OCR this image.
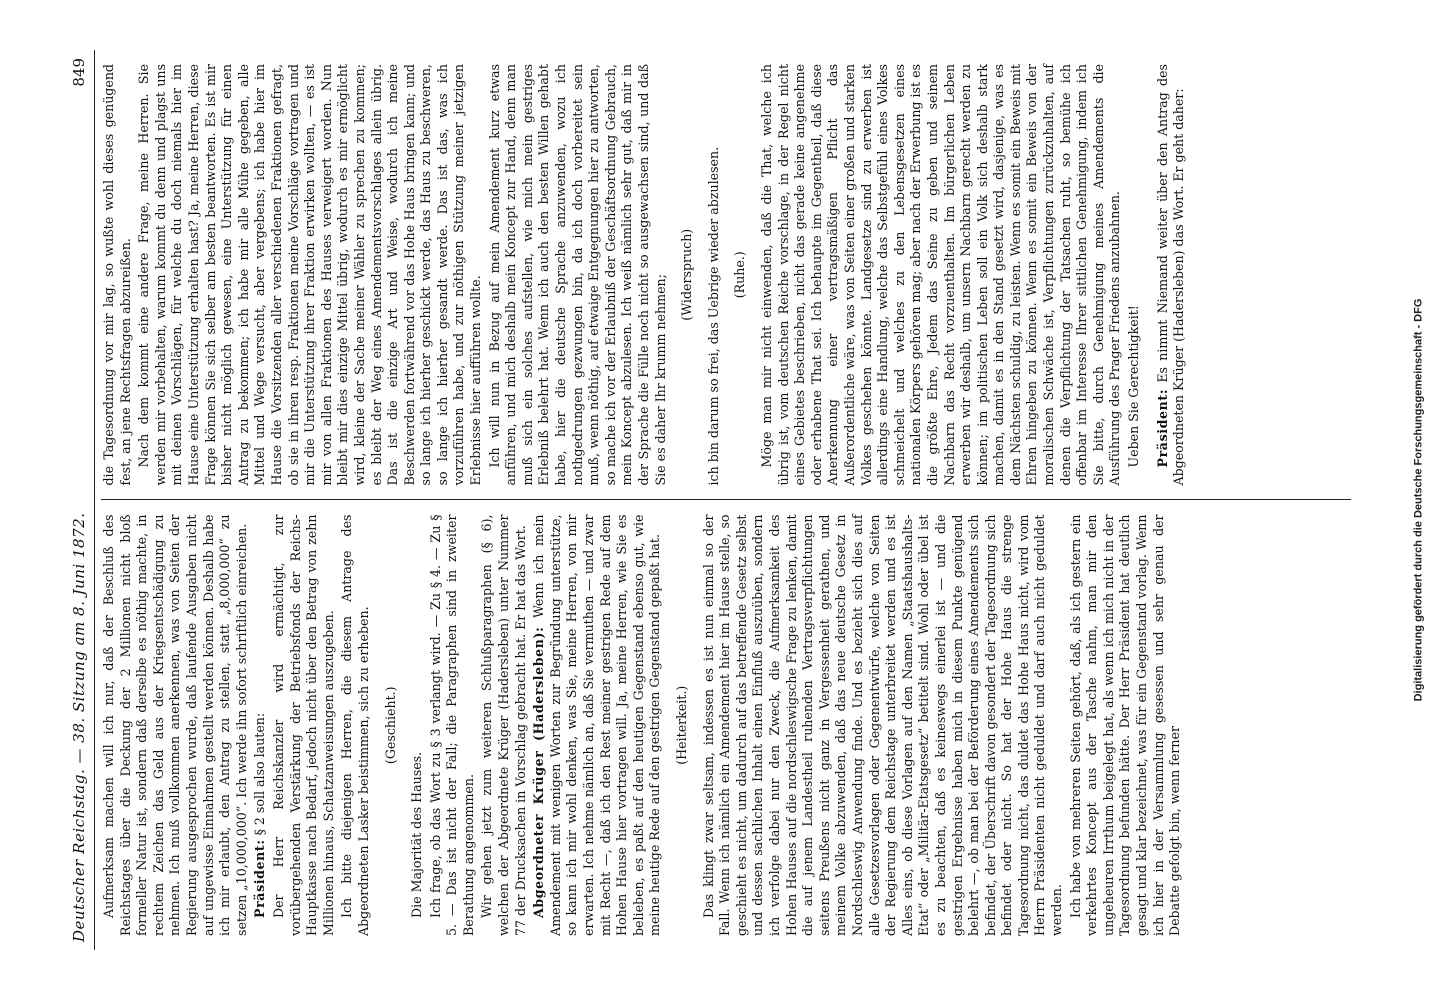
Deutscher Reichstag. — 38. Sitzung am 8. Juni 1872.
849

Aufmerksam machen will ich nur, daß der Beschluß des Reichstages über die Deckung der 2 Millionen nicht bloß formeller Natur ist, sondern daß derselbe es nöthig machte, in rechtem Zeichen das Geld aus der Kriegsentschädigung zu nehmen. Ich muß vollkommen anerkennen, was von Seiten der Regierung ausgesprochen wurde, daß laufende Ausgaben nicht auf ungewisse Einnahmen gestellt werden können. Deshalb habe ich mir erlaubt, den Antrag zu stellen, statt „8,000,000“ zu setzen „10,000,000“. Ich werde ihn sofort schriftlich einreichen. Präsident: § 2 soll also lauten: Der Herr Reichskanzler wird ermächtigt, zur vorübergehenden Verstärkung der Betriebsfonds der Reichs-Hauptkasse nach Bedarf, jedoch nicht über den Betrag von zehn Millionen hinaus, Schatzanweisungen auszugeben. Ich bitte diejenigen Herren, die diesem Antrage des Abgeordneten Lasker beistimmen, sich zu erheben. (Geschieht.)

Die Majorität des Hauses. Ich frage, ob das Wort zu § 3 verlangt wird. — Zu § 4. — Zu § 5. — Das ist nicht der Fall; die Paragraphen sind in zweiter Berathung angenommen. Wir gehen jetzt zum weiteren Schlußparagraphen (§ 6), welchen der Abgeordnete Krüger (Hadersleben) unter Nummer 77 der Drucksachen in Vorschlag gebracht hat. Er hat das Wort. Abgeordneter Krüger (Hadersleben): Wenn ich mein Amendement mit wenigen Worten zur Begründung unterstütze, so kann ich mir wohl denken, was Sie, meine Herren, von mir erwarten. Ich nehme nämlich an, daß Sie vermuthen — und zwar mit Recht —, daß ich den Rest meiner gestrigen Rede auf dem Hohen Hause hier vortragen will. Ja, meine Herren, wie Sie es belieben, es paßt auf den heutigen Gegenstand ebenso gut, wie meine heutige Rede auf den gestrigen Gegenstand gepaßt hat. (Heiterkeit.) Das klingt zwar seltsam, indessen es ist nun einmal so der Fall. Wenn ich nämlich ein Amendement hier im Hause stelle, so geschieht es nicht, um dadurch auf das betreffende Gesetz selbst und dessen sachlichen Inhalt einen Einfluß auszuüben, sondern ich verfolge dabei nur den Zweck, die Aufmerksamkeit des Hohen Hauses auf die nordschleswigsche Frage zu lenken, damit die auf jenem Landestheil ruhenden Vertragsverpflichtungen seitens Preußens nicht ganz in Vergessenheit gerathen, und meinem Volke abzuwenden, daß das neue deutsche Gesetz in Nordschleswig Anwendung finde. Und es bezieht sich dies auf alle Gesetzesvorlagen oder Gegenentwürfe, welche von Seiten der Regierung dem Reichstage unterbreitet werden und es ist Alles eins, ob diese Vorlagen auf den Namen „Staatshaushalts-Etat“ oder „Militär-Etatsgesetz“ betitelt sind. Wohl oder übel ist es zu beachten, daß es keineswegs einerlei ist — und die gestrigen Ergebnisse haben mich in diesem Punkte genügend belehrt —, ob man bei der Beförderung eines Amendements sich befindet, der Überschrift davon gesondert der Tagesordnung sich befindet oder nicht. So hat der Hohe Haus die strenge Tagesordnung nicht, das duldet das Hohe Haus nicht, wird vom Herrn Präsidenten nicht geduldet und darf auch nicht geduldet werden. Ich habe von mehreren Seiten gehört, daß, als ich gestern ein verkehrtes Koncept aus der Tasche nahm, man mir den ungeheuren Irrthum beigelegt hat, als wenn ich mich nicht in der Tagesordnung befunden hätte. Der Herr Präsident hat deutlich gesagt und klar bezeichnet, was für ein Gegenstand vorlag. Wenn ich hier in der Versammlung gesessen und sehr genau der Debatte gefolgt bin, wenn ferner

die Tagesordnung vor mir lag, so wußte wohl dieses genügend fest, an jene Rechtsfragen abzureißen. Nach dem kommt eine andere Frage, meine Herren. Sie werden mir vorbehalten, warum kommt du denn und plagst uns mit deinen Vorschlägen, für welche du doch niemals hier im Hause eine Unterstützung erhalten hast? Ja, meine Herren, diese Frage können Sie sich selber am besten beantworten. Es ist mir bisher nicht möglich gewesen, eine Unterstützung für einen Antrag zu bekommen; ich habe mir alle Mühe gegeben, alle Mittel und Wege versucht, aber vergebens; ich habe hier im Hause die Vorsitzenden aller verschiedenen Fraktionen gefragt, ob sie in ihren resp. Fraktionen meine Vorschläge vortragen und mir die Unterstützung ihrer Fraktion erwirken wollten, — es ist mir von allen Fraktionen des Hauses verweigert worden. Nun bleibt mir dies einzige Mittel übrig, wodurch es mir ermöglicht wird, kleine der Sache meiner Wähler zu sprechen zu kommen; es bleibt der Weg eines Amendementsvorschlages allein übrig. Das ist die einzige Art und Weise, wodurch ich meine Beschwerden fortwährend vor das Hohe Haus bringen kann; und so lange ich hierher geschickt werde, das Haus zu beschweren, so lange ich hierher gesandt werde. Das ist das, was ich vorzuführen habe, und zur nöthigen Stützung meiner jetzigen Erlebnisse hier aufführen wollte. Ich will nun in Bezug auf mein Amendement kurz etwas anführen, und mich deshalb mein Koncept zur Hand, denn man muß sich ein solches aufstellen, wie mich mein gestriges Erlebniß belehrt hat. Wenn ich auch den besten Willen gehabt habe, hier die deutsche Sprache anzuwenden, wozu ich nothgedrungen gezwungen bin, da ich doch vorbereitet sein muß, wenn nöthig, auf etwaige Entgegnungen hier zu antworten, so mache ich vor der Erlaubniß der Geschäftsordnung Gebrauch, mein Koncept abzulesen. Ich weiß nämlich sehr gut, daß mir in der Sprache die Fülle noch nicht so ausgewachsen sind, und daß Sie es daher Ihr krumm nehmen; (Widerspruch) ich bin darum so frei, das Uebrige wieder abzulesen. (Ruhe.) Möge man mir nicht einwenden, daß die That, welche ich übrig ist, vom deutschen Reiche vorschlage, in der Regel nicht eines Gebietes beschrieben, nicht das gerade keine angenehme oder erhabene That sei. Ich behaupte im Gegentheil, daß diese Anerkennung einer vertragsmäßigen Pflicht das Außerordentliche wäre, was von Seiten einer großen und starken Volkes geschehen könnte. Landgesetze sind zu erwerben ist allerdings eine Handlung, welche das Selbstgefühl eines Volkes schmeichelt und welches zu den Lebensgesetzen eines nationalen Körpers gehören mag; aber nach der Erwerbung ist es die größte Ehre, Jedem das Seine zu geben und seinem Nachbarn das Recht vorzuenthalten. Im bürgerlichen Leben erwerben wir deshalb, um unsern Nachbarn gerecht werden zu können; im politischen Leben soll ein Volk sich deshalb stark machen, damit es in den Stand gesetzt wird, dasjenige, was es dem Nächsten schuldig, zu leisten. Wenn es somit ein Beweis mit Ehren hingeben zu können. Wenn es somit ein Beweis von der moralischen Schwäche ist, Verpflichtungen zurückzuhalten, auf denen die Verpflichtung der Tatsachen ruht, so bemühe ich offenbar im Interesse Ihrer sittlichen Genehmigung, indem ich Sie bitte, durch Genehmigung meines Amendements die Ausführung des Prager Friedens anzubahnen. Ueben Sie Gerechtigkeit! Präsident: Es nimmt Niemand weiter über den Antrag des Abgeordneten Krüger (Hadersleben) das Wort. Er geht daher:

Digitalisierung gefördert durch die Deutsche Forschungsgemeinschaft - DFG
